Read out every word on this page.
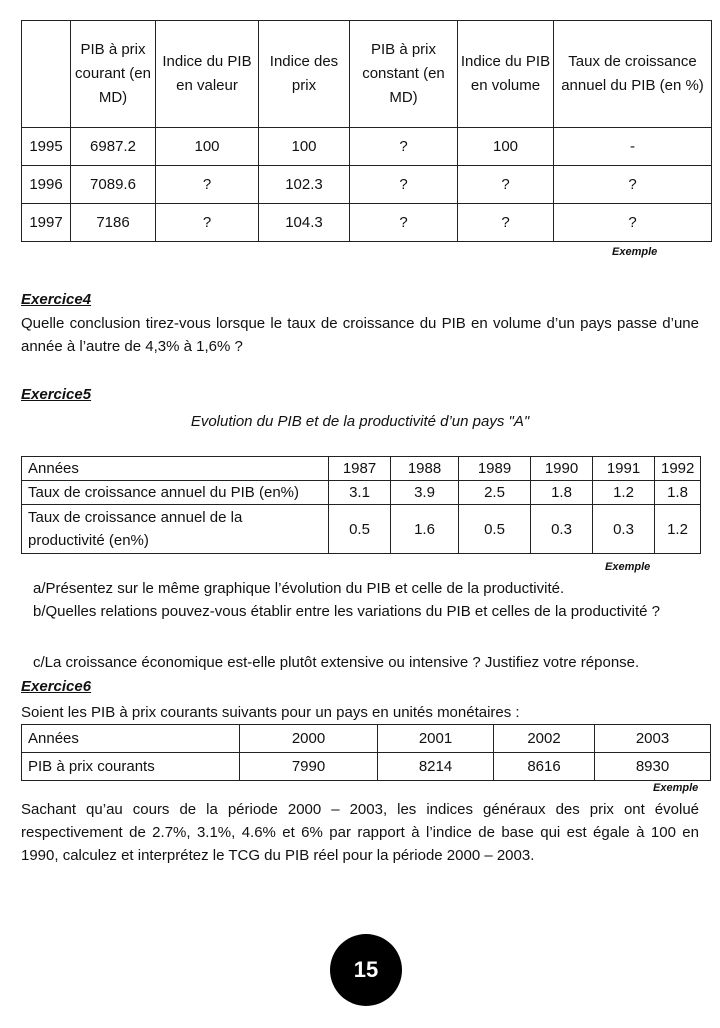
	PIB à prix courant (en MD)	Indice du PIB en valeur	Indice des prix	PIB à prix constant (en MD)	Indice du PIB en volume	Taux de croissance annuel du PIB (en %)
1995	6987.2	100	100	?	100	-
1996	7089.6	?	102.3	?	?	?
1997	7186	?	104.3	?	?	?
Exemple
Exercice4
Quelle conclusion tirez-vous lorsque le taux de croissance du PIB en volume d’un pays passe d’une année à l’autre de 4,3% à 1,6% ?
Exercice5
Evolution du PIB et de la productivité d’un pays "A"
Années	1987	1988	1989	1990	1991	1992
Taux de croissance annuel du PIB (en%)	3.1	3.9	2.5	1.8	1.2	1.8
Taux de croissance annuel de la productivité (en%)	0.5	1.6	0.5	0.3	0.3	1.2
Exemple
a/Présentez sur le même graphique l’évolution du PIB et celle de la productivité.
b/Quelles relations pouvez-vous établir entre les variations du PIB et celles de la productivité ?
c/La croissance économique est-elle plutôt extensive ou intensive ? Justifiez votre réponse.
Exercice6
Soient les PIB à prix courants suivants pour un pays en unités monétaires :
Années	2000	2001	2002	2003
PIB à prix courants	7990	8214	8616	8930
Exemple
Sachant qu’au cours de la période 2000 – 2003, les indices généraux des prix ont évolué respectivement de 2.7%, 3.1%, 4.6% et 6% par rapport à l’indice de base qui est égale à 100 en 1990, calculez et interprétez le TCG du PIB réel pour la période 2000 – 2003.
15
